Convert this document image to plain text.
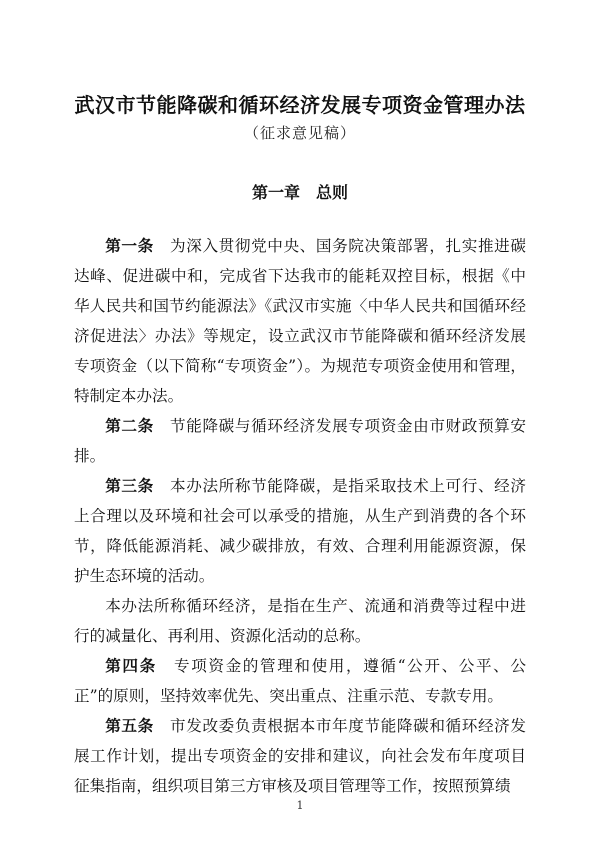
武汉市节能降碳和循环经济发展专项资金管理办法
（征求意见稿）
第一章　总则

第一条　 为深入贯彻党中央、国务院决策部署，扎实推进碳达峰、促进碳中和，完成省下达我市的能耗双控目标，根据《中华人民共和国节约能源法》《武汉市实施〈中华人民共和国循环经济促进法〉办法》等规定，设立武汉市节能降碳和循环经济发展专项资金（以下简称“专项资金”）。为规范专项资金使用和管理，特制定本办法。

第二条　 节能降碳与循环经济发展专项资金由市财政预算安排。

第三条　 本办法所称节能降碳，是指采取技术上可行、经济上合理以及环境和社会可以承受的措施，从生产到消费的各个环节，降低能源消耗、减少碳排放，有效、合理利用能源资源，保护生态环境的活动。

本办法所称循环经济，是指在生产、流通和消费等过程中进行的减量化、再利用、资源化活动的总称。

第四条　 专项资金的管理和使用，遵循“公开、公平、公正”的原则，坚持效率优先、突出重点、注重示范、专款专用。

第五条　 市发改委负责根据本市年度节能降碳和循环经济发展工作计划，提出专项资金的安排和建议，向社会发布年度项目征集指南，组织项目第三方审核及项目管理等工作，按照预算绩

1
